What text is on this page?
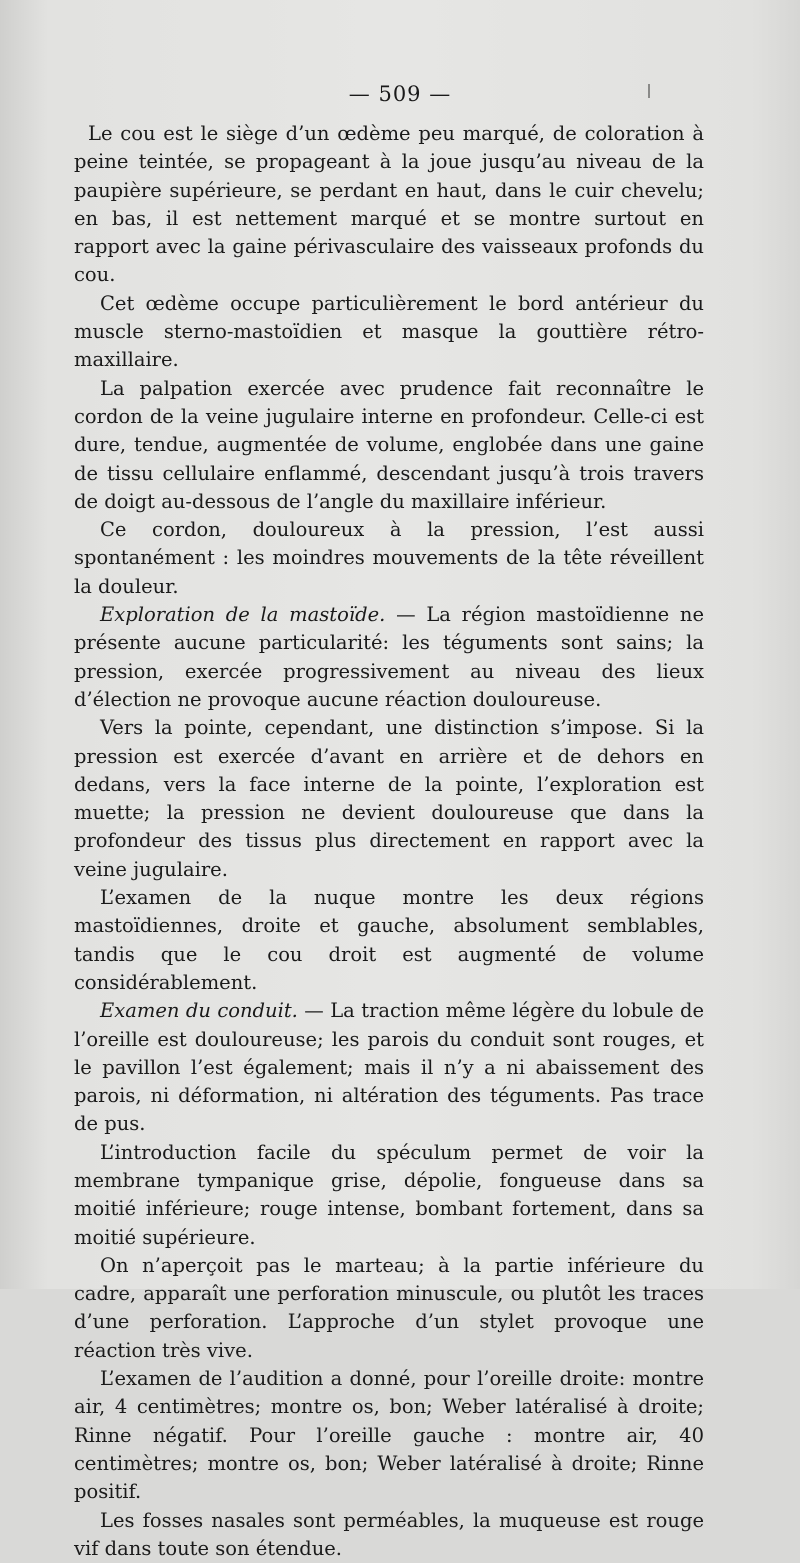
— 509 —

Le cou est le siège d’un œdème peu marqué, de coloration à peine teintée, se propageant à la joue jusqu’au niveau de la paupière supérieure, se perdant en haut, dans le cuir chevelu; en bas, il est nettement marqué et se montre surtout en rapport avec la gaine périvasculaire des vaisseaux profonds du cou.

Cet œdème occupe particulièrement le bord antérieur du muscle sterno-mastoïdien et masque la gouttière rétro-maxillaire.

La palpation exercée avec prudence fait reconnaître le cordon de la veine jugulaire interne en profondeur. Celle-ci est dure, tendue, augmentée de volume, englobée dans une gaine de tissu cellulaire enflammé, descendant jusqu’à trois travers de doigt au-dessous de l’angle du maxillaire inférieur.

Ce cordon, douloureux à la pression, l’est aussi spontanément : les moindres mouvements de la tête réveillent la douleur.

Exploration de la mastoïde. — La région mastoïdienne ne présente aucune particularité: les téguments sont sains; la pression, exercée progressivement au niveau des lieux d’élection ne provoque aucune réaction douloureuse.

Vers la pointe, cependant, une distinction s’impose. Si la pression est exercée d’avant en arrière et de dehors en dedans, vers la face interne de la pointe, l’exploration est muette; la pression ne devient douloureuse que dans la profondeur des tissus plus directement en rapport avec la veine jugulaire.

L’examen de la nuque montre les deux régions mastoïdiennes, droite et gauche, absolument semblables, tandis que le cou droit est augmenté de volume considérablement.

Examen du conduit. — La traction même légère du lobule de l’oreille est douloureuse; les parois du conduit sont rouges, et le pavillon l’est également; mais il n’y a ni abaissement des parois, ni déformation, ni altération des téguments. Pas trace de pus.

L’introduction facile du spéculum permet de voir la membrane tympanique grise, dépolie, fongueuse dans sa moitié inférieure; rouge intense, bombant fortement, dans sa moitié supérieure.

On n’aperçoit pas le marteau; à la partie inférieure du cadre, apparaît une perforation minuscule, ou plutôt les traces d’une perforation. L’approche d’un stylet provoque une réaction très vive.

L’examen de l’audition a donné, pour l’oreille droite: montre air, 4 centimètres; montre os, bon; Weber latéralisé à droite; Rinne négatif. Pour l’oreille gauche : montre air, 40 centimètres; montre os, bon; Weber latéralisé à droite; Rinne positif.

Les fosses nasales sont perméables, la muqueuse est rouge vif dans toute son étendue.
